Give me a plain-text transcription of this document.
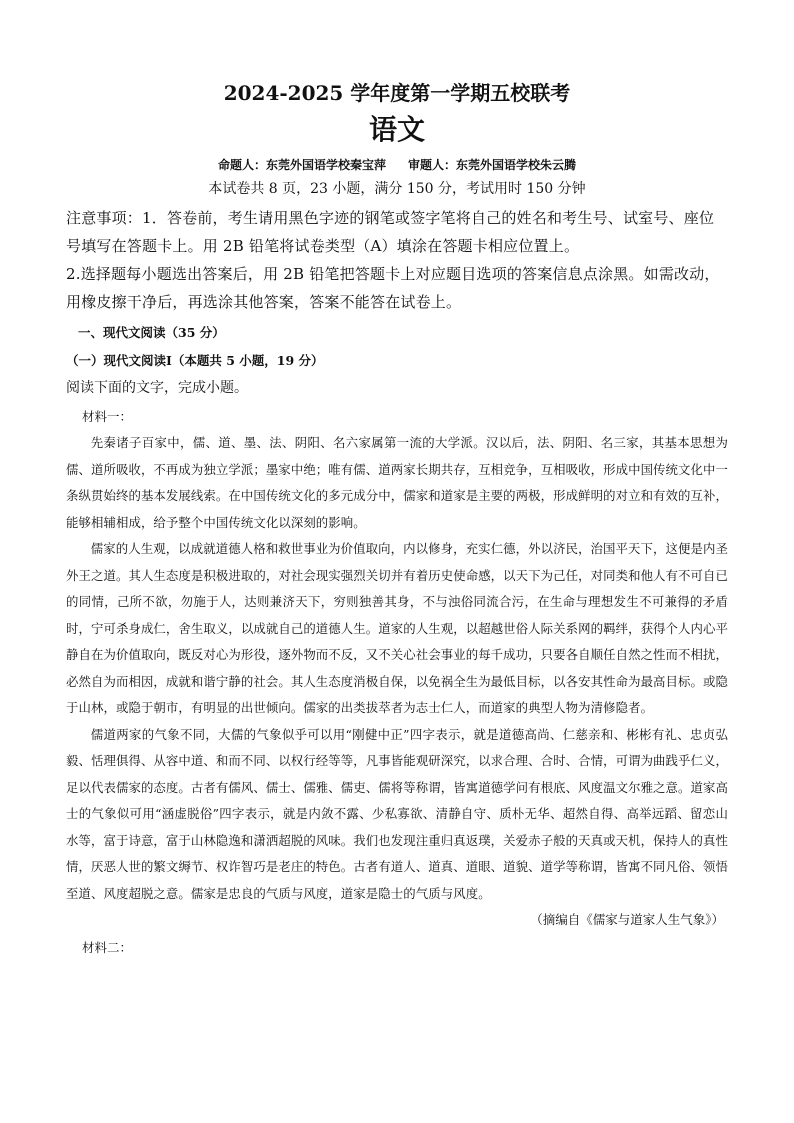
2024-2025 学年度第一学期五校联考
语文
命题人：东莞外国语学校秦宝萍 审题人：东莞外国语学校朱云腾
本试卷共 8 页，23 小题，满分 150 分，考试用时 150 分钟

注意事项：1．答卷前，考生请用黑色字迹的钢笔或签字笔将自己的姓名和考生号、试室号、座位号填写在答题卡上。用 2B 铅笔将试卷类型（A）填涂在答题卡相应位置上。

2.选择题每小题选出答案后，用 2B 铅笔把答题卡上对应题目选项的答案信息点涂黑。如需改动，用橡皮擦干净后，再选涂其他答案，答案不能答在试卷上。

一、现代文阅读（35 分）
（一）现代文阅读Ⅰ（本题共 5 小题，19 分）
阅读下面的文字，完成小题。
材料一：

先秦诸子百家中，儒、道、墨、法、阴阳、名六家属第一流的大学派。汉以后，法、阴阳、名三家，其基本思想为儒、道所吸收，不再成为独立学派；墨家中绝；唯有儒、道两家长期共存，互相竞争，互相吸收，形成中国传统文化中一条纵贯始终的基本发展线索。在中国传统文化的多元成分中，儒家和道家是主要的两极，形成鲜明的对立和有效的互补，能够相辅相成，给予整个中国传统文化以深刻的影响。

儒家的人生观，以成就道德人格和救世事业为价值取向，内以修身，充实仁德，外以济民，治国平天下，这便是内圣外王之道。其人生态度是积极进取的，对社会现实强烈关切并有着历史使命感，以天下为己任，对同类和他人有不可自已的同情，己所不欲，勿施于人，达则兼济天下，穷则独善其身，不与浊俗同流合污，在生命与理想发生不可兼得的矛盾时，宁可杀身成仁，舍生取义，以成就自己的道德人生。道家的人生观，以超越世俗人际关系网的羁绊，获得个人内心平静自在为价值取向，既反对心为形役，逐外物而不反，又不关心社会事业的每千成功，只要各自顺任自然之性而不相扰，必然自为而相因，成就和谐宁静的社会。其人生态度消极自保，以免祸全生为最低目标，以各安其性命为最高目标。或隐于山林，或隐于朝市，有明显的出世倾向。儒家的出类拔萃者为志士仁人，而道家的典型人物为清修隐者。

儒道两家的气象不同，大儒的气象似乎可以用“刚健中正”四字表示，就是道德高尚、仁慈亲和、彬彬有礼、忠贞弘毅、恬理俱得、从容中道、和而不同、以权行经等等，凡事皆能观研深究，以求合理、合时、合情，可谓为曲践乎仁义，足以代表儒家的态度。古者有儒风、儒士、儒雅、儒吏、儒将等称谓，皆寓道德学问有根底、风度温文尔雅之意。道家高士的气象似可用“涵虚脱俗”四字表示，就是内敛不露、少私寡欲、清静自守、质朴无华、超然自得、高举远蹈、留恋山水等，富于诗意，富于山林隐逸和潇洒超脱的风味。我们也发现注重归真返璞，关爱赤子般的天真或天机，保持人的真性情，厌恶人世的繁文缛节、权诈智巧是老庄的特色。古者有道人、道真、道眼、道貌、道学等称谓，皆寓不同凡俗、领悟至道、风度超脱之意。儒家是忠良的气质与风度，道家是隐士的气质与风度。

（摘编自《儒家与道家人生气象》）
材料二：
